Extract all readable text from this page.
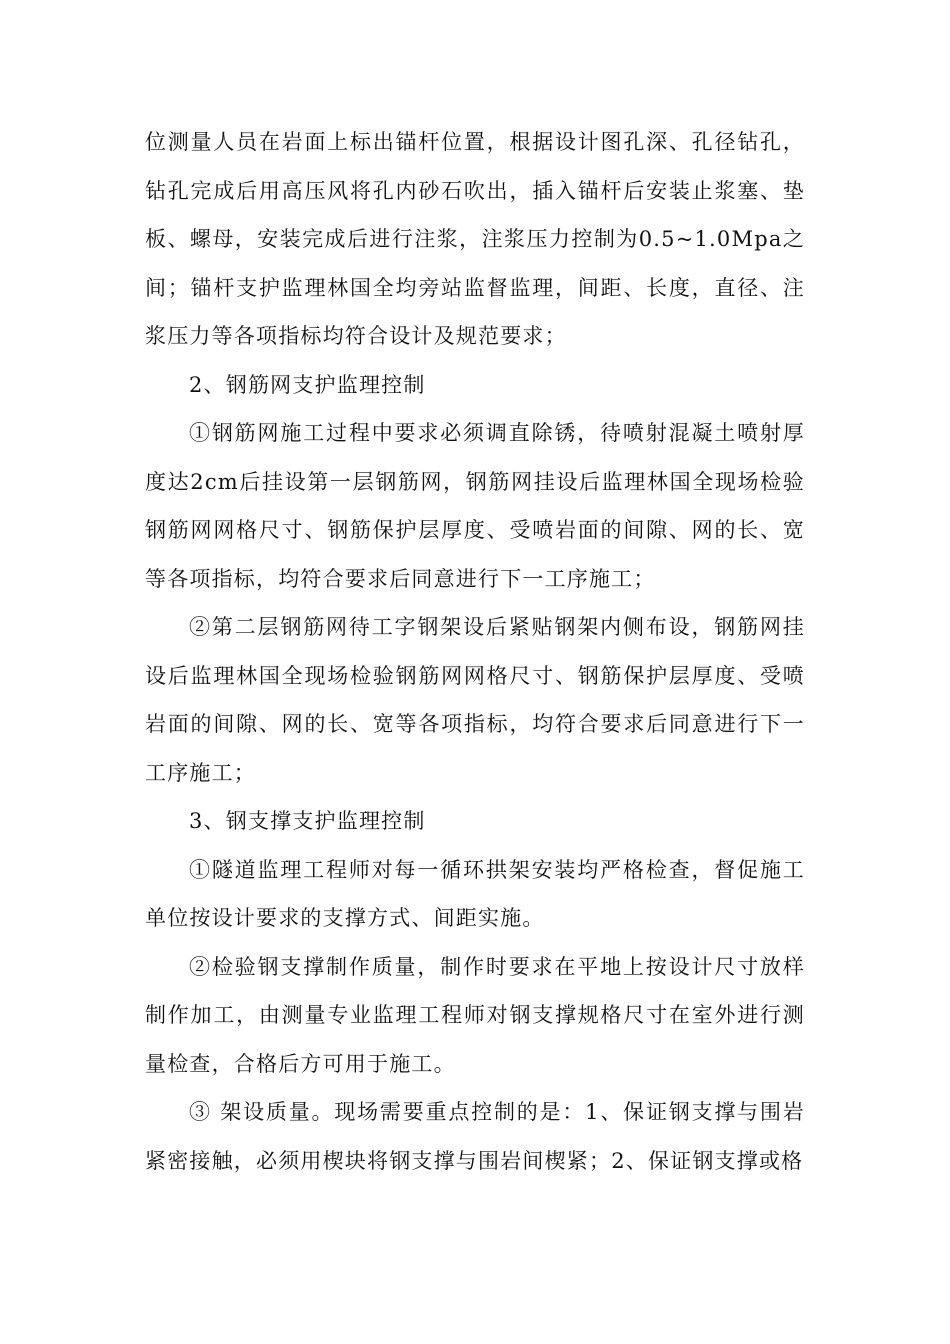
位测量人员在岩面上标出锚杆位置，根据设计图孔深、孔径钻孔，钻孔完成后用高压风将孔内砂石吹出，插入锚杆后安装止浆塞、垫板、螺母，安装完成后进行注浆，注浆压力控制为0.5~1.0Mpa之间；锚杆支护监理林国全均旁站监督监理，间距、长度，直径、注浆压力等各项指标均符合设计及规范要求；

2、钢筋网支护监理控制

①钢筋网施工过程中要求必须调直除锈，待喷射混凝土喷射厚度达2cm后挂设第一层钢筋网，钢筋网挂设后监理林国全现场检验钢筋网网格尺寸、钢筋保护层厚度、受喷岩面的间隙、网的长、宽等各项指标，均符合要求后同意进行下一工序施工；

②第二层钢筋网待工字钢架设后紧贴钢架内侧布设，钢筋网挂设后监理林国全现场检验钢筋网网格尺寸、钢筋保护层厚度、受喷岩面的间隙、网的长、宽等各项指标，均符合要求后同意进行下一工序施工；

3、钢支撑支护监理控制

①隧道监理工程师对每一循环拱架安装均严格检查，督促施工单位按设计要求的支撑方式、间距实施。

②检验钢支撑制作质量，制作时要求在平地上按设计尺寸放样制作加工，由测量专业监理工程师对钢支撑规格尺寸在室外进行测量检查，合格后方可用于施工。

③ 架设质量。现场需要重点控制的是：1、保证钢支撑与围岩紧密接触，必须用楔块将钢支撑与围岩间楔紧；2、保证钢支撑或格
